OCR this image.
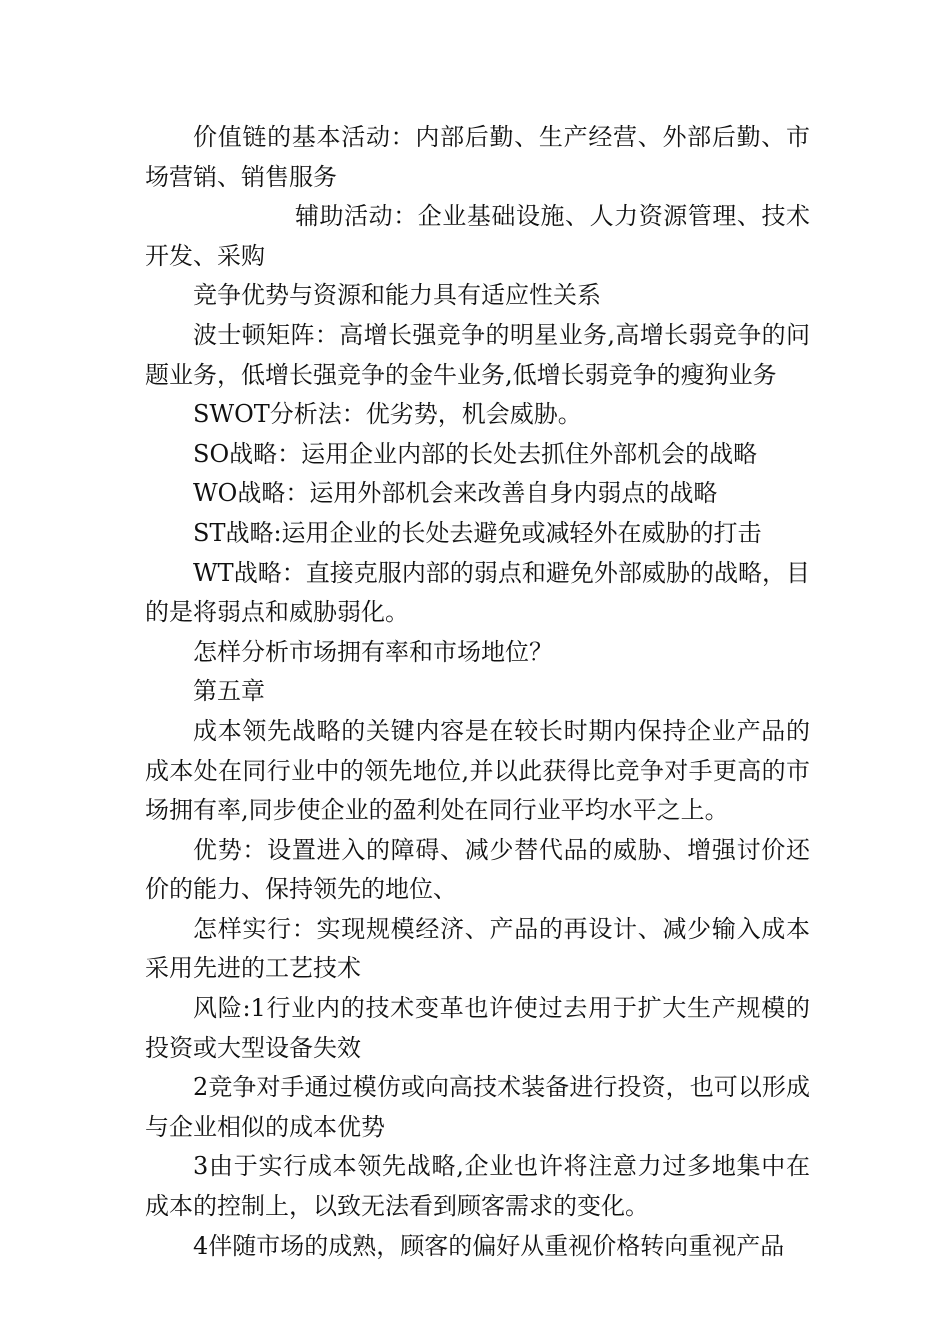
价值链的基本活动：内部后勤、生产经营、外部后勤、市场营销、销售服务

辅助活动：企业基础设施、人力资源管理、技术开发、采购

竞争优势与资源和能力具有适应性关系

波士顿矩阵：高增长强竞争的明星业务,高增长弱竞争的问题业务，低增长强竞争的金牛业务,低增长弱竞争的瘦狗业务

SWOT分析法：优劣势，机会威胁。

SO战略：运用企业内部的长处去抓住外部机会的战略

WO战略：运用外部机会来改善自身内弱点的战略

ST战略:运用企业的长处去避免或减轻外在威胁的打击

WT战略：直接克服内部的弱点和避免外部威胁的战略，目的是将弱点和威胁弱化。

怎样分析市场拥有率和市场地位？

第五章

成本领先战略的关键内容是在较长时期内保持企业产品的成本处在同行业中的领先地位,并以此获得比竞争对手更高的市场拥有率,同步使企业的盈利处在同行业平均水平之上。

优势：设置进入的障碍、减少替代品的威胁、增强讨价还价的能力、保持领先的地位、

怎样实行：实现规模经济、产品的再设计、减少输入成本采用先进的工艺技术

风险:1行业内的技术变革也许使过去用于扩大生产规模的投资或大型设备失效

2竞争对手通过模仿或向高技术装备进行投资，也可以形成与企业相似的成本优势

3由于实行成本领先战略,企业也许将注意力过多地集中在成本的控制上，以致无法看到顾客需求的变化。

4伴随市场的成熟，顾客的偏好从重视价格转向重视产品
